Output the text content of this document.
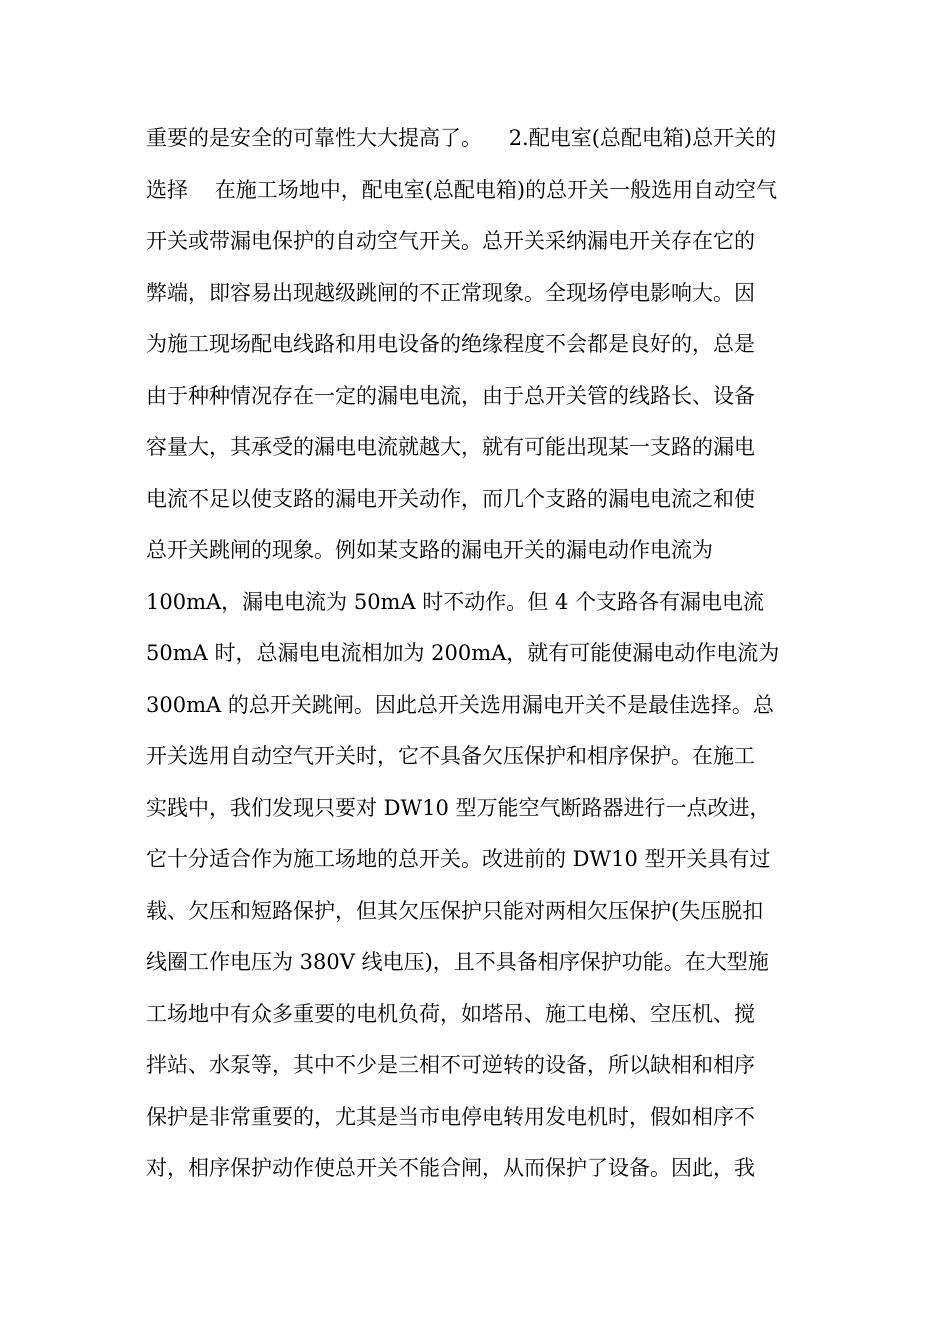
重要的是安全的可靠性大大提高了。    2.配电室(总配电箱)总开关的
选择    在施工场地中，配电室(总配电箱)的总开关一般选用自动空气
开关或带漏电保护的自动空气开关。总开关采纳漏电开关存在它的
弊端，即容易出现越级跳闸的不正常现象。全现场停电影响大。因
为施工现场配电线路和用电设备的绝缘程度不会都是良好的，总是
由于种种情况存在一定的漏电电流，由于总开关管的线路长、设备
容量大，其承受的漏电电流就越大，就有可能出现某一支路的漏电
电流不足以使支路的漏电开关动作，而几个支路的漏电电流之和使
总开关跳闸的现象。例如某支路的漏电开关的漏电动作电流为
100mA，漏电电流为 50mA 时不动作。但 4 个支路各有漏电电流
50mA 时，总漏电电流相加为 200mA，就有可能使漏电动作电流为
300mA 的总开关跳闸。因此总开关选用漏电开关不是最佳选择。总
开关选用自动空气开关时，它不具备欠压保护和相序保护。在施工
实践中，我们发现只要对 DW10 型万能空气断路器进行一点改进，
它十分适合作为施工场地的总开关。改进前的 DW10 型开关具有过
载、欠压和短路保护，但其欠压保护只能对两相欠压保护(失压脱扣
线圈工作电压为 380V 线电压)，且不具备相序保护功能。在大型施
工场地中有众多重要的电机负荷，如塔吊、施工电梯、空压机、搅
拌站、水泵等，其中不少是三相不可逆转的设备，所以缺相和相序
保护是非常重要的，尤其是当市电停电转用发电机时，假如相序不
对，相序保护动作使总开关不能合闸，从而保护了设备。因此，我
